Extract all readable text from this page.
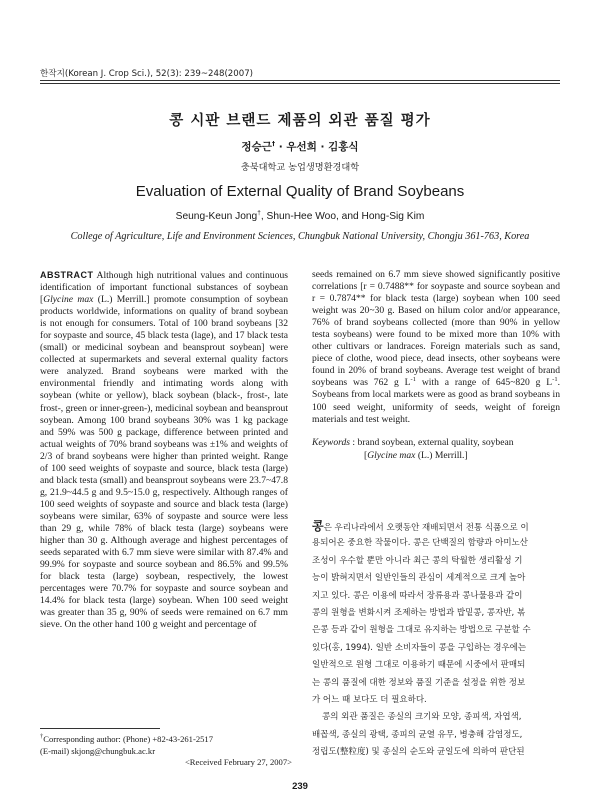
한작지(Korean J. Crop Sci.), 52(3): 239~248(2007)
콩 시판 브랜드 제품의 외관 품질 평가
정승근† · 우선희 · 김홍식
충북대학교 농업생명환경대학
Evaluation of External Quality of Brand Soybeans
Seung-Keun Jong†, Shun-Hee Woo, and Hong-Sig Kim
College of Agriculture, Life and Environment Sciences, Chungbuk National University, Chongju 361-763, Korea
ABSTRACT Although high nutritional values and continuous identification of important functional substances of soybean [Glycine max (L.) Merrill.] promote consumption of soybean products worldwide, informations on quality of brand soybean is not enough for consumers. Total of 100 brand soybeans [32 for soypaste and source, 45 black testa (lage), and 17 black testa (small) or medicinal soybean and beansprout soybean] were collected at supermarkets and several external quality factors were analyzed. Brand soybeans were marked with the environmental friendly and intimating words along with soybean (white or yellow), black soybean (black-, frost-, late frost-, green or inner-green-), medicinal soybean and beansprout soybean. Among 100 brand soybeans 30% was 1 kg package and 59% was 500 g package, difference between printed and actual weights of 70% brand soybeans was ±1% and weights of 2/3 of brand soybeans were higher than printed weight. Range of 100 seed weights of soypaste and source, black testa (large) and black testa (small) and beansprout soybeans were 23.7~47.8 g, 21.9~44.5 g and 9.5~15.0 g, respectively. Although ranges of 100 seed weights of soypaste and source and black testa (large) soybeans were similar, 63% of soypaste and source were less than 29 g, while 78% of black testa (large) soybeans were higher than 30 g. Although average and highest percentages of seeds separated with 6.7 mm sieve were similar with 87.4% and 99.9% for soypaste and source soybean and 86.5% and 99.5% for black testa (large) soybean, respectively, the lowest percentages were 70.7% for soypaste and source soybean and 14.4% for black testa (large) soybean. When 100 seed weight was greater than 35 g, 90% of seeds were remained on 6.7 mm sieve. On the other hand 100 g weight and percentage of
seeds remained on 6.7 mm sieve showed significantly positive correlations [r = 0.7488** for soypaste and source soybean and r = 0.7874** for black testa (large) soybean when 100 seed weight was 20~30 g. Based on hilum color and/or appearance, 76% of brand soybeans collected (more than 90% in yellow testa soybeans) were found to be mixed more than 10% with other cultivars or landraces. Foreign materials such as sand, piece of clothe, wood piece, dead insects, other soybeans were found in 20% of brand soybeans. Average test weight of brand soybeans was 762 g $L^{-1}$ with a range of 645~820 g $L^{-1}$. Soybeans from local markets were as good as brand soybeans in 100 seed weight, uniformity of seeds, weight of foreign materials and test weight.
Keywords : brand soybean, external quality, soybean
[Glycine max (L.) Merrill.]
콩은 우리나라에서 오랫동안 재배되면서 전통 식품으로 이
용되어온 중요한 작물이다. 콩은 단백질의 함량과 아미노산
조성이 우수할 뿐만 아니라 최근 콩의 탁월한 생리활성 기
능이 밝혀지면서 일반인들의 관심이 세계적으로 크게 높아
지고 있다. 콩은 이용에 따라서 장류용과 콩나물용과 같이
콩의 원형을 변화시켜 조제하는 방법과 밥밑콩, 콩자반, 볶
은콩 등과 같이 원형을 그대로 유지하는 방법으로 구분할 수
있다(홍, 1994). 일반 소비자들이 콩을 구입하는 경우에는
일반적으로 원형 그대로 이용하기 때문에 시중에서 판매되
는 콩의 품질에 대한 정보와 품질 기준을 설정을 위한 정보
가 어느 때 보다도 더 필요하다.
콩의 외관 품질은 종실의 크기와 모양, 종피색, 자엽색,
배꼽색, 종실의 광택, 종피의 균열 유무, 병충해 감염정도,
정립도(整粒度) 및 종실의 순도와 균일도에 의하여 판단된
†Corresponding author: (Phone) +82-43-261-2517
(E-mail) skjong@chungbuk.ac.kr
<Received February 27, 2007>
239
